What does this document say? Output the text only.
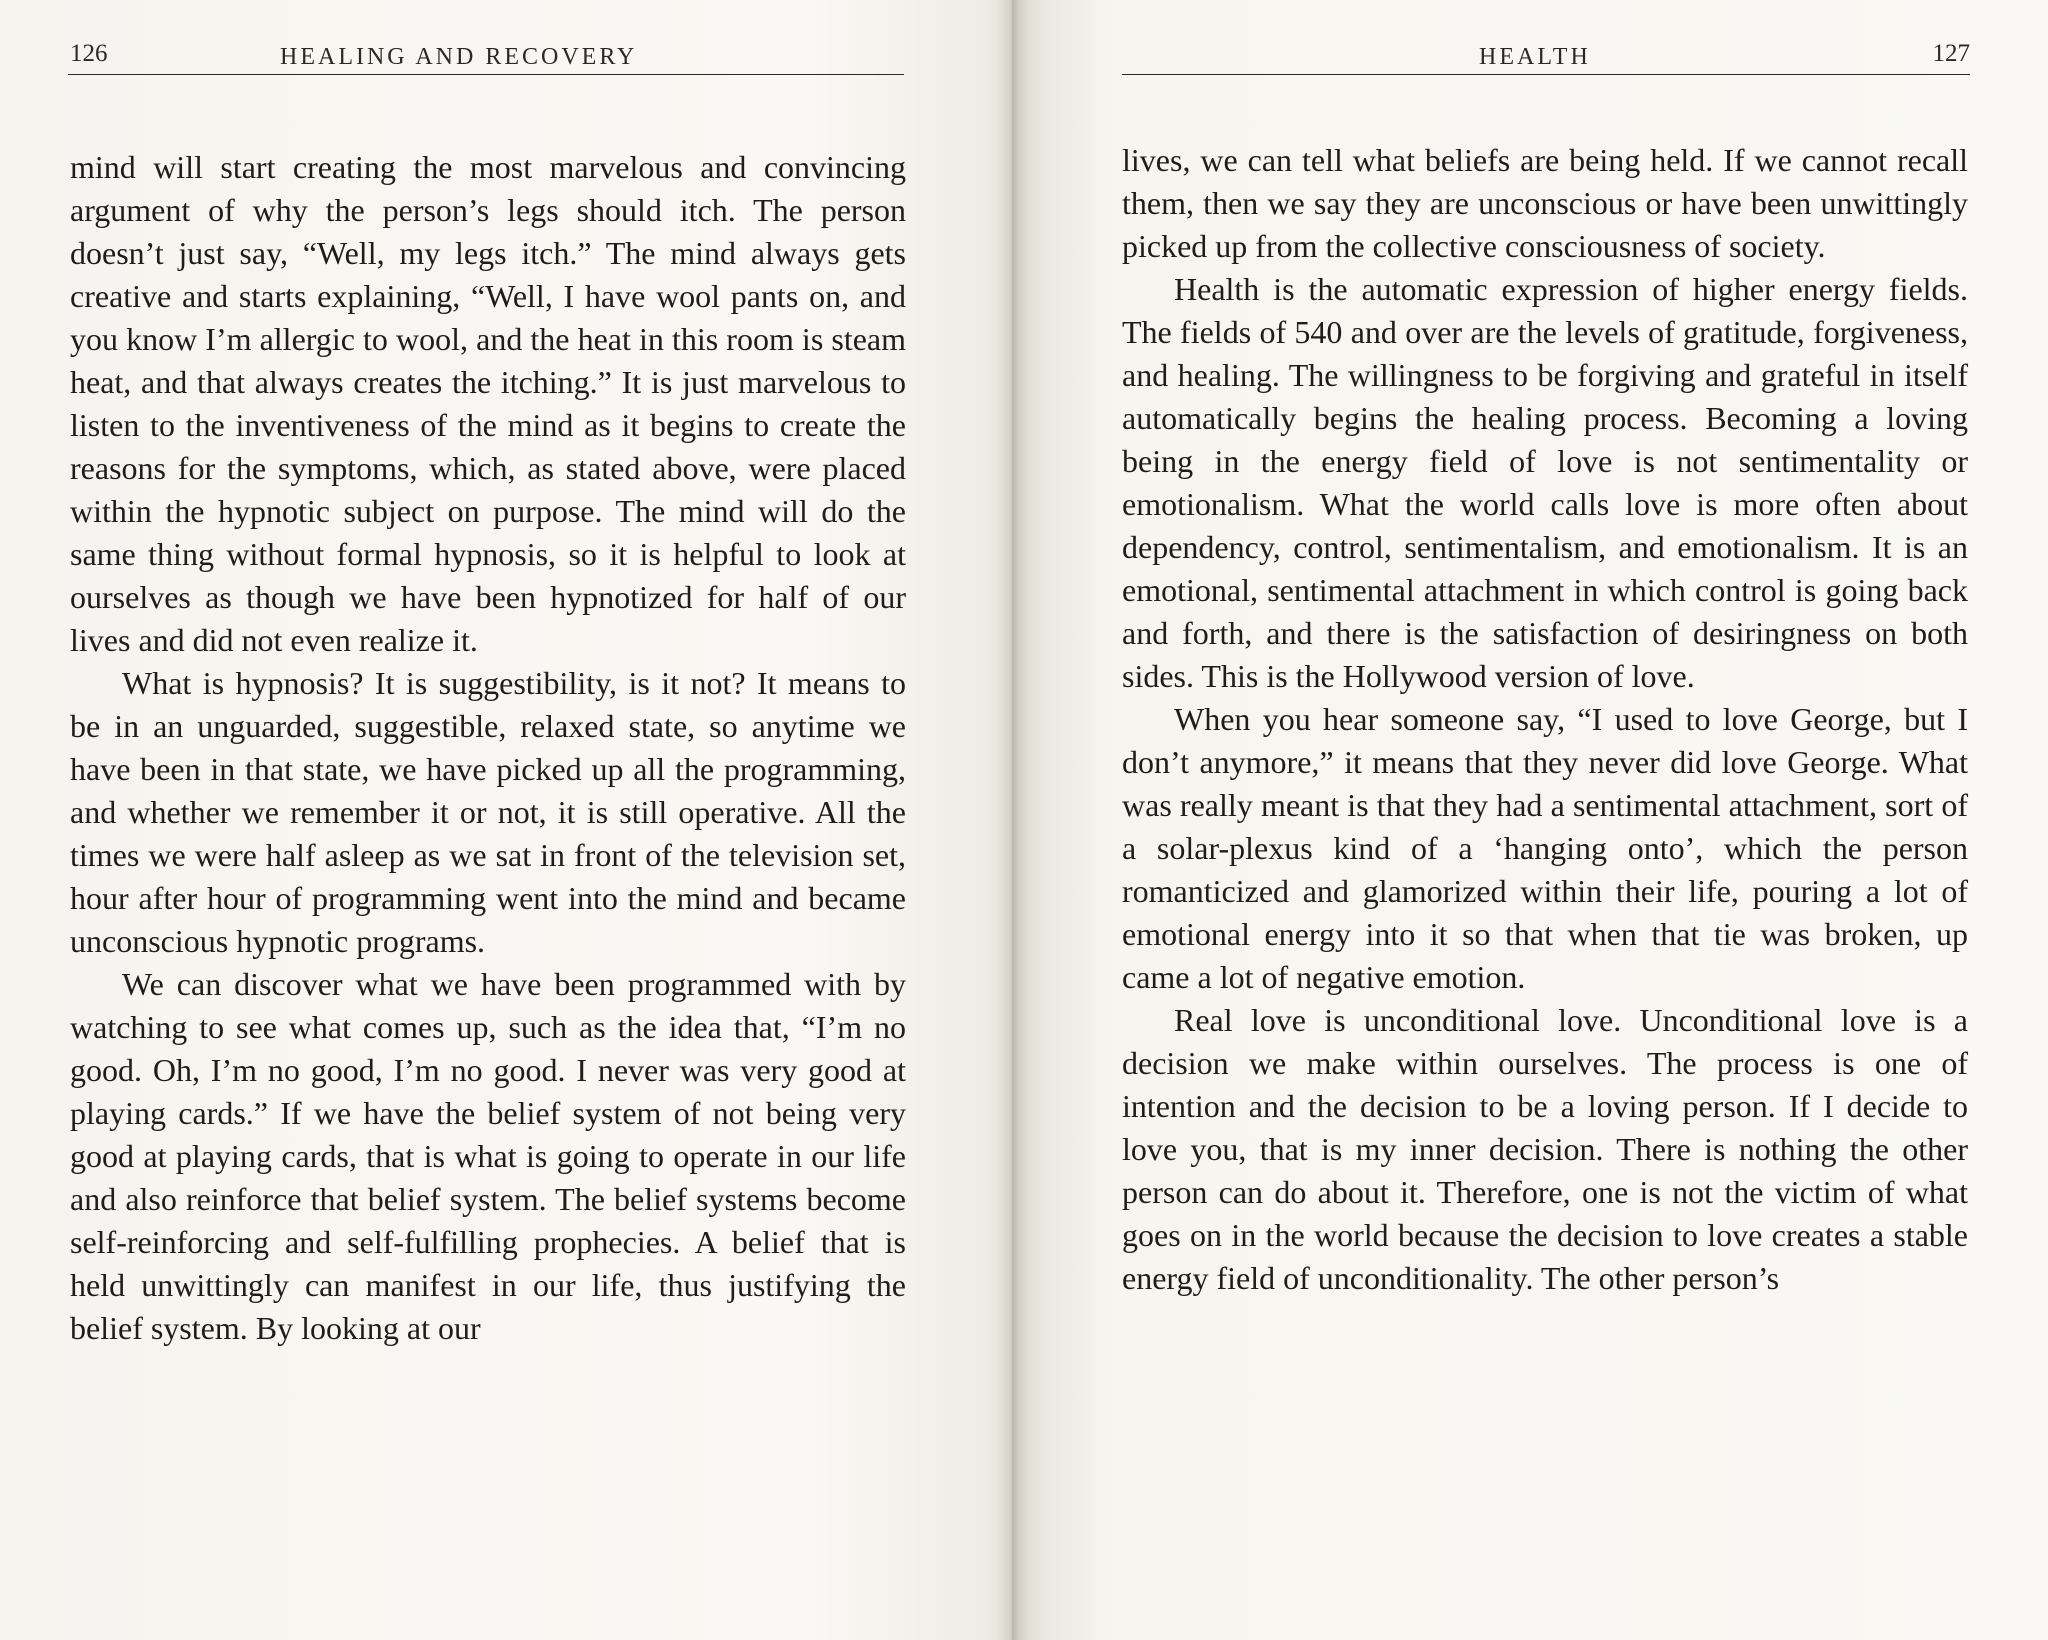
126	HEALING AND RECOVERY

mind will start creating the most marvelous and convincing argument of why the person’s legs should itch. The person doesn’t just say, “Well, my legs itch.” The mind always gets creative and starts explaining, “Well, I have wool pants on, and you know I’m allergic to wool, and the heat in this room is steam heat, and that always creates the itching.” It is just marvelous to listen to the inventiveness of the mind as it begins to create the reasons for the symptoms, which, as stated above, were placed within the hypnotic subject on purpose. The mind will do the same thing without formal hypnosis, so it is helpful to look at ourselves as though we have been hypnotized for half of our lives and did not even realize it.

What is hypnosis? It is suggestibility, is it not? It means to be in an unguarded, suggestible, relaxed state, so anytime we have been in that state, we have picked up all the programming, and whether we remember it or not, it is still operative. All the times we were half asleep as we sat in front of the television set, hour after hour of programming went into the mind and became unconscious hypnotic programs.

We can discover what we have been programmed with by watching to see what comes up, such as the idea that, “I’m no good. Oh, I’m no good, I’m no good. I never was very good at playing cards.” If we have the belief system of not being very good at playing cards, that is what is going to operate in our life and also reinforce that belief system. The belief systems become self-reinforcing and self-fulfilling prophecies. A belief that is held unwittingly can manifest in our life, thus justifying the belief system. By looking at our

HEALTH	127

lives, we can tell what beliefs are being held. If we cannot recall them, then we say they are unconscious or have been unwittingly picked up from the collective consciousness of society.

Health is the automatic expression of higher energy fields. The fields of 540 and over are the levels of gratitude, forgiveness, and healing. The willingness to be forgiving and grateful in itself automatically begins the healing process. Becoming a loving being in the energy field of love is not sentimentality or emotionalism. What the world calls love is more often about dependency, control, sentimentalism, and emotionalism. It is an emotional, sentimental attachment in which control is going back and forth, and there is the satisfaction of desiringness on both sides. This is the Hollywood version of love.

When you hear someone say, “I used to love George, but I don’t anymore,” it means that they never did love George. What was really meant is that they had a sentimental attachment, sort of a solar-plexus kind of a ‘hanging onto’, which the person romanticized and glamorized within their life, pouring a lot of emotional energy into it so that when that tie was broken, up came a lot of negative emotion.

Real love is unconditional love. Unconditional love is a decision we make within ourselves. The process is one of intention and the decision to be a loving person. If I decide to love you, that is my inner decision. There is nothing the other person can do about it. Therefore, one is not the victim of what goes on in the world because the decision to love creates a stable energy field of unconditionality. The other person’s
